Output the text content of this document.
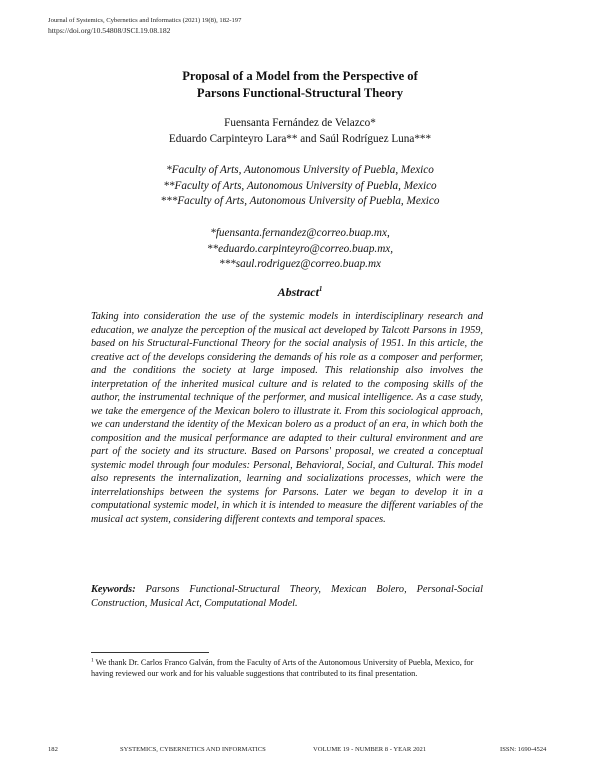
Journal of Systemics, Cybernetics and Informatics (2021) 19(8), 182-197
https://doi.org/10.54808/JSCI.19.08.182
Proposal of a Model from the Perspective of
Parsons Functional-Structural Theory
Fuensanta Fernández de Velazco*
Eduardo Carpinteyro Lara** and Saúl Rodríguez Luna***
*Faculty of Arts, Autonomous University of Puebla, Mexico
**Faculty of Arts, Autonomous University of Puebla, Mexico
***Faculty of Arts, Autonomous University of Puebla, Mexico
*fuensanta.fernandez@correo.buap.mx,
**eduardo.carpinteyro@correo.buap.mx,
***saul.rodriguez@correo.buap.mx
Abstract$^1$
Taking into consideration the use of the systemic models in interdisciplinary research and education, we analyze the perception of the musical act developed by Talcott Parsons in 1959, based on his Structural-Functional Theory for the social analysis of 1951. In this article, the creative act of the develops considering the demands of his role as a composer and performer, and the conditions the society at large imposed. This relationship also involves the interpretation of the inherited musical culture and is related to the composing skills of the author, the instrumental technique of the performer, and musical intelligence. As a case study, we take the emergence of the Mexican bolero to illustrate it. From this sociological approach, we can understand the identity of the Mexican bolero as a product of an era, in which both the composition and the musical performance are adapted to their cultural environment and are part of the society and its structure. Based on Parsons' proposal, we created a conceptual systemic model through four modules: Personal, Behavioral, Social, and Cultural. This model also represents the internalization, learning and socializations processes, which were the interrelationships between the systems for Parsons. Later we began to develop it in a computational systemic model, in which it is intended to measure the different variables of the musical act system, considering different contexts and temporal spaces.
Keywords: Parsons Functional-Structural Theory, Mexican Bolero, Personal-Social Construction, Musical Act, Computational Model.
$^1$ We thank Dr. Carlos Franco Galván, from the Faculty of Arts of the Autonomous University of Puebla, Mexico, for having reviewed our work and for his valuable suggestions that contributed to its final presentation.
182	SYSTEMICS, CYBERNETICS AND INFORMATICS	VOLUME 19 - NUMBER 8 - YEAR 2021	ISSN: 1690-4524
